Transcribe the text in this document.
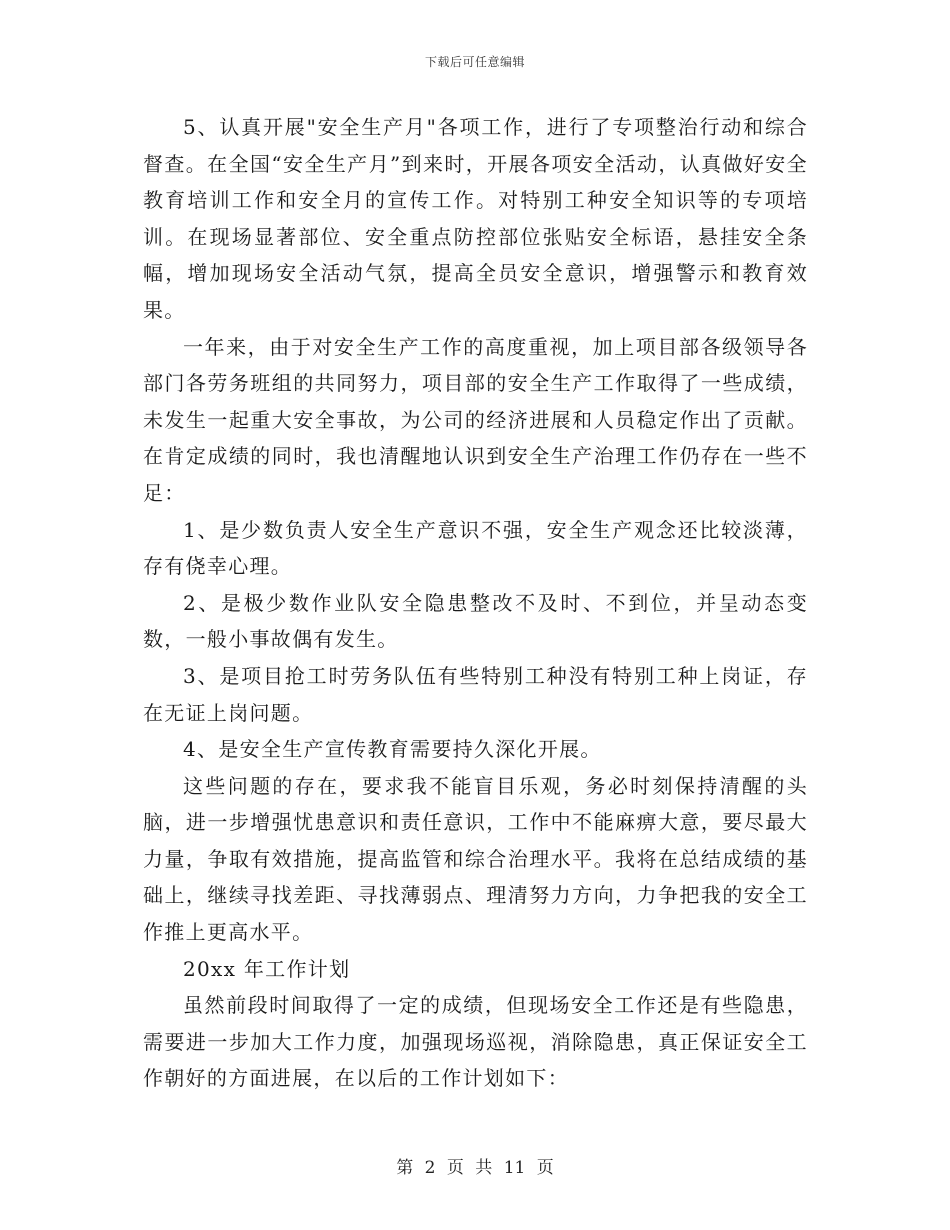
下载后可任意编辑

5、认真开展"安全生产月"各项工作，进行了专项整治行动和综合督查。在全国“安全生产月”到来时，开展各项安全活动，认真做好安全教育培训工作和安全月的宣传工作。对特别工种安全知识等的专项培训。在现场显著部位、安全重点防控部位张贴安全标语，悬挂安全条幅，增加现场安全活动气氛，提高全员安全意识，增强警示和教育效果。

一年来，由于对安全生产工作的高度重视，加上项目部各级领导各部门各劳务班组的共同努力，项目部的安全生产工作取得了一些成绩，未发生一起重大安全事故，为公司的经济进展和人员稳定作出了贡献。在肯定成绩的同时，我也清醒地认识到安全生产治理工作仍存在一些不足：

1、是少数负责人安全生产意识不强，安全生产观念还比较淡薄，存有侥幸心理。

2、是极少数作业队安全隐患整改不及时、不到位，并呈动态变数，一般小事故偶有发生。

3、是项目抢工时劳务队伍有些特别工种没有特别工种上岗证，存在无证上岗问题。

4、是安全生产宣传教育需要持久深化开展。

这些问题的存在，要求我不能盲目乐观，务必时刻保持清醒的头脑，进一步增强忧患意识和责任意识，工作中不能麻痹大意，要尽最大力量，争取有效措施，提高监管和综合治理水平。我将在总结成绩的基础上，继续寻找差距、寻找薄弱点、理清努力方向，力争把我的安全工作推上更高水平。

20xx 年工作计划

虽然前段时间取得了一定的成绩，但现场安全工作还是有些隐患，需要进一步加大工作力度，加强现场巡视，消除隐患，真正保证安全工作朝好的方面进展，在以后的工作计划如下：

第 2 页 共 11 页
